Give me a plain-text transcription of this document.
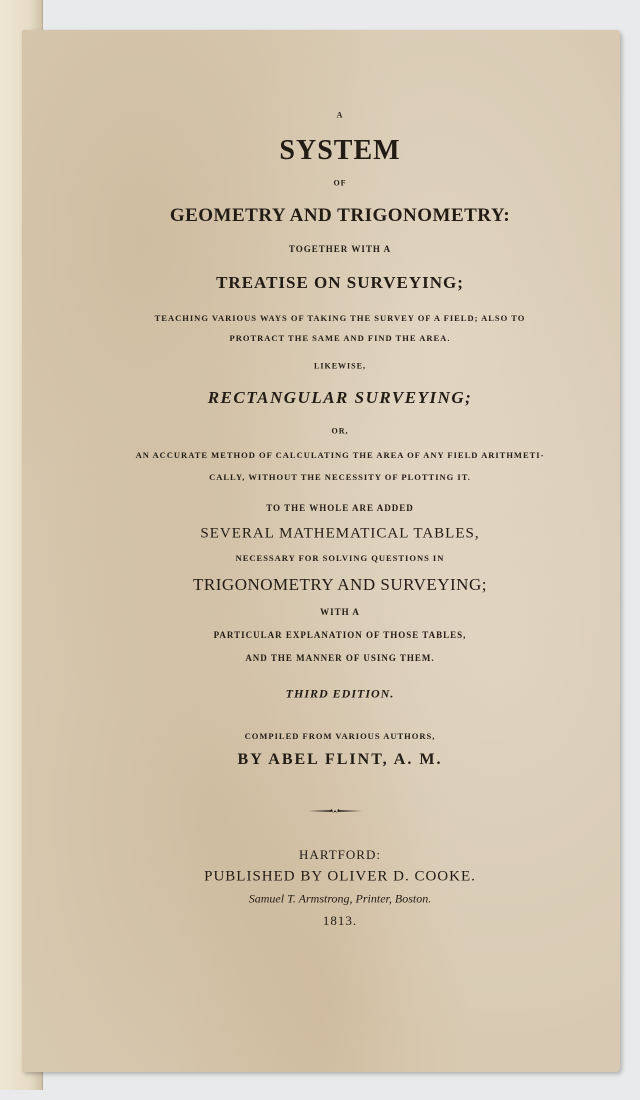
A
SYSTEM
OF
GEOMETRY AND TRIGONOMETRY:
TOGETHER WITH A
TREATISE ON SURVEYING;
TEACHING VARIOUS WAYS OF TAKING THE SURVEY OF A FIELD; ALSO TO
PROTRACT THE SAME AND FIND THE AREA.
LIKEWISE,
RECTANGULAR SURVEYING;
OR,
AN ACCURATE METHOD OF CALCULATING THE AREA OF ANY FIELD ARITHMETI-
CALLY, WITHOUT THE NECESSITY OF PLOTTING IT.
TO THE WHOLE ARE ADDED
SEVERAL MATHEMATICAL TABLES,
NECESSARY FOR SOLVING QUESTIONS IN
TRIGONOMETRY AND SURVEYING;
WITH A
PARTICULAR EXPLANATION OF THOSE TABLES,
AND THE MANNER OF USING THEM.
THIRD EDITION.
COMPILED FROM VARIOUS AUTHORS,
BY ABEL FLINT, A. M.
HARTFORD:
PUBLISHED BY OLIVER D. COOKE.
Samuel T. Armstrong, Printer, Boston.
1813.
